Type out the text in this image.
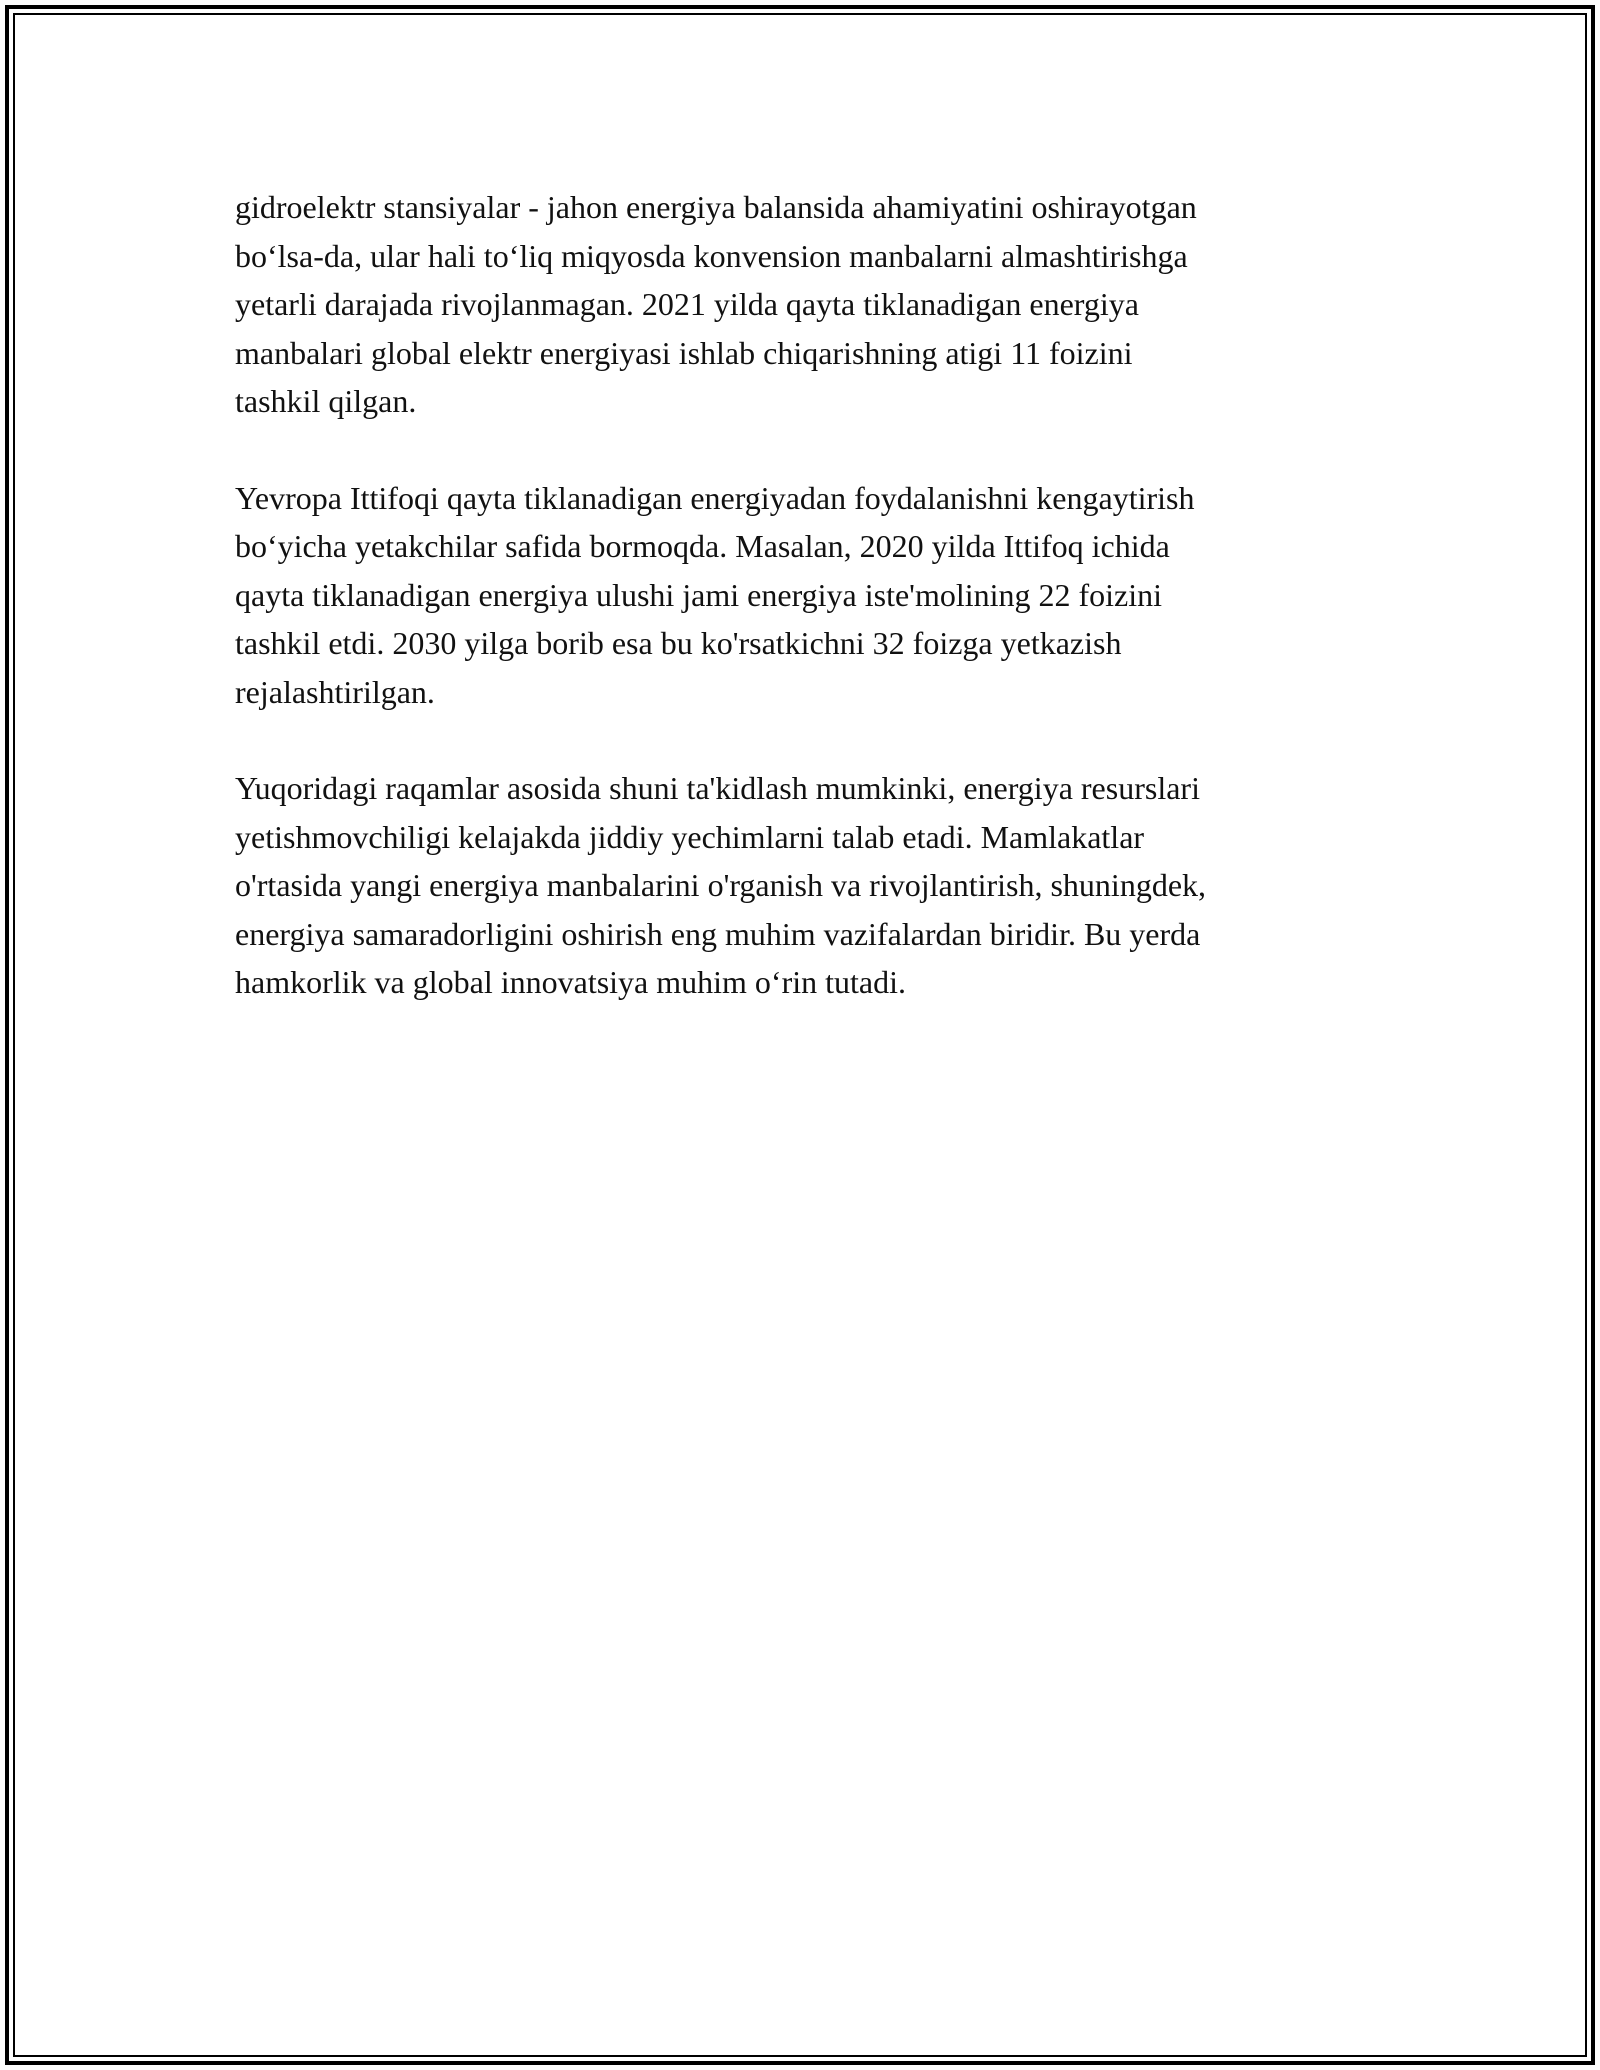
gidroelektr stansiyalar - jahon energiya balansida ahamiyatini oshirayotgan
bo‘lsa-da, ular hali to‘liq miqyosda konvension manbalarni almashtirishga
yetarli darajada rivojlanmagan. 2021 yilda qayta tiklanadigan energiya
manbalari global elektr energiyasi ishlab chiqarishning atigi 11 foizini
tashkil qilgan.

Yevropa Ittifoqi qayta tiklanadigan energiyadan foydalanishni kengaytirish
bo‘yicha yetakchilar safida bormoqda. Masalan, 2020 yilda Ittifoq ichida
qayta tiklanadigan energiya ulushi jami energiya iste'molining 22 foizini
tashkil etdi. 2030 yilga borib esa bu ko'rsatkichni 32 foizga yetkazish
rejalashtirilgan.

Yuqoridagi raqamlar asosida shuni ta'kidlash mumkinki, energiya resurslari
yetishmovchiligi kelajakda jiddiy yechimlarni talab etadi. Mamlakatlar
o'rtasida yangi energiya manbalarini o'rganish va rivojlantirish, shuningdek,
energiya samaradorligini oshirish eng muhim vazifalardan biridir. Bu yerda
hamkorlik va global innovatsiya muhim o‘rin tutadi.
